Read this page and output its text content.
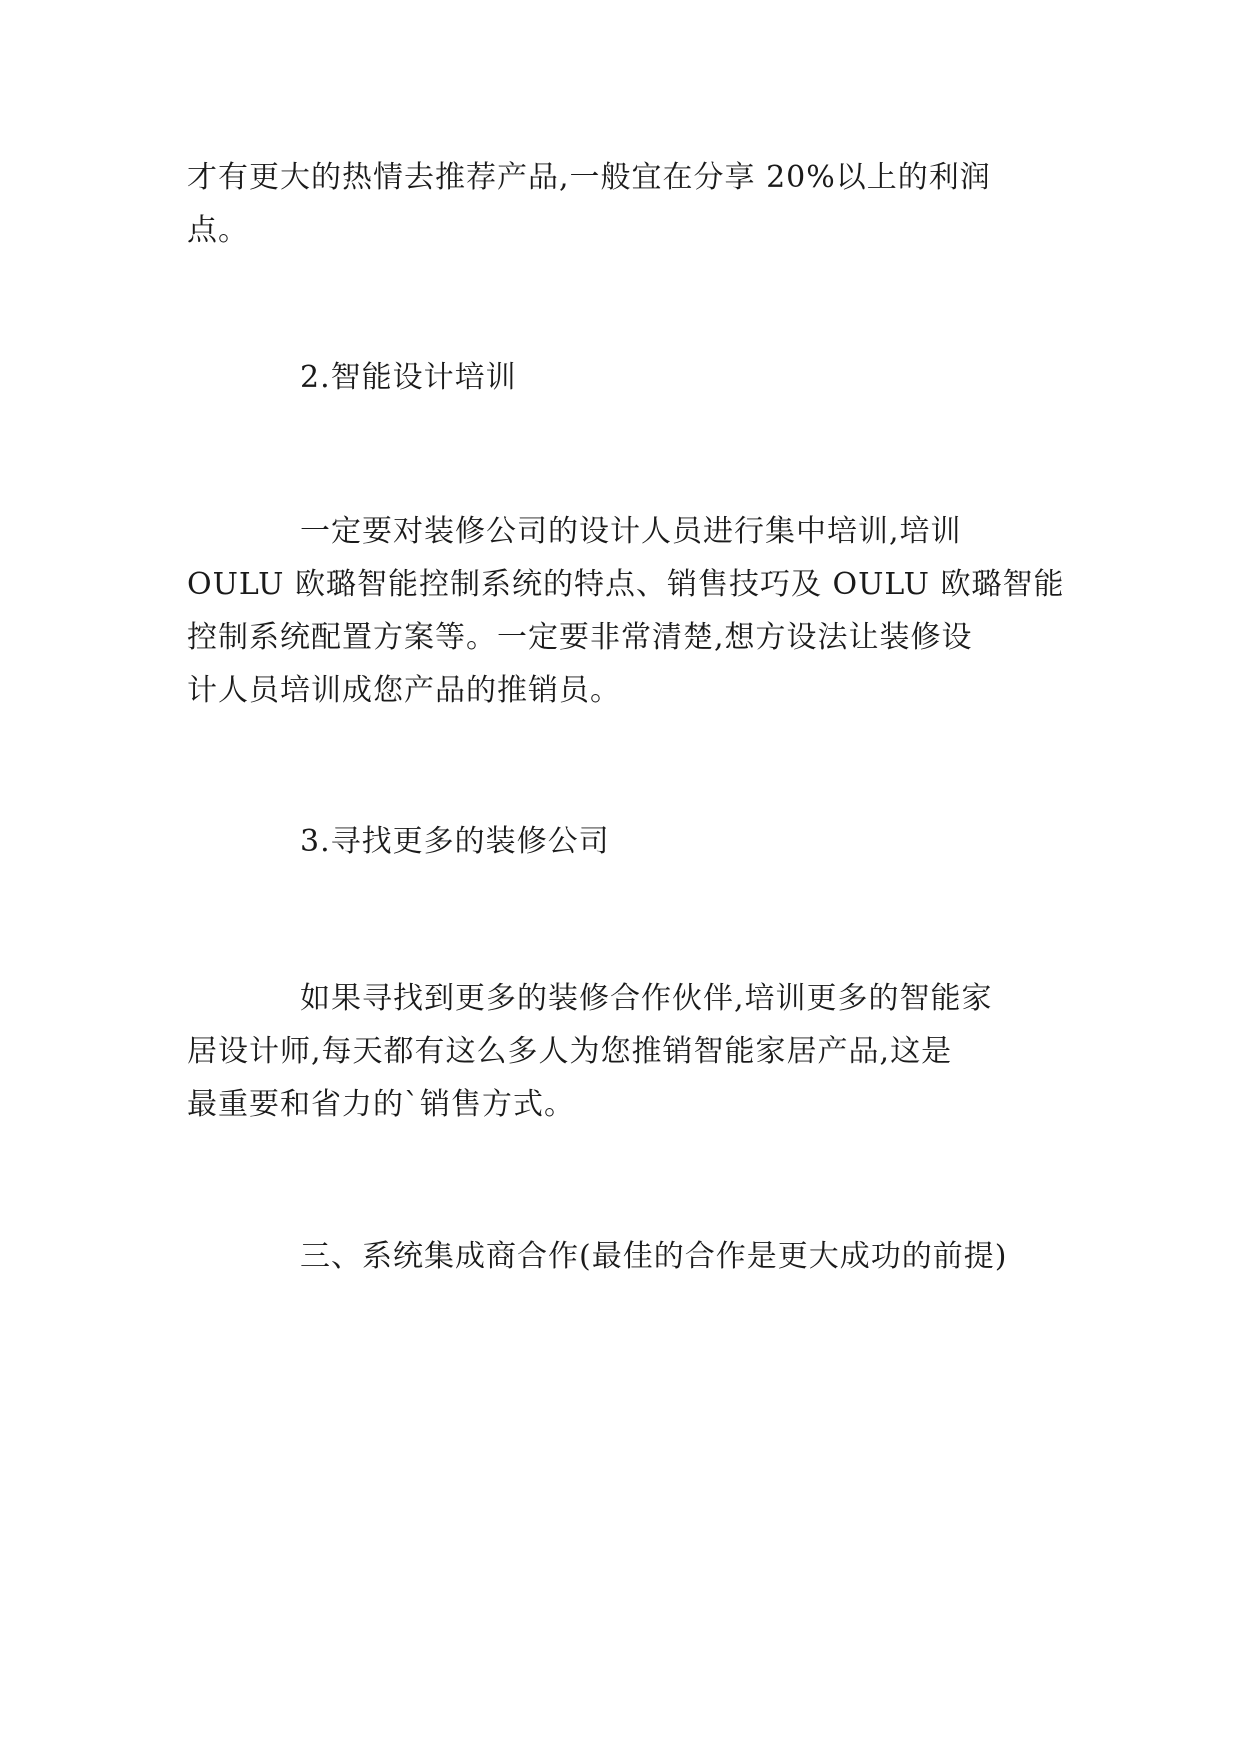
才有更大的热情去推荐产品,一般宜在分享 20%以上的利润
点。

2.智能设计培训

一定要对装修公司的设计人员进行集中培训,培训
OULU 欧璐智能控制系统的特点、销售技巧及 OULU 欧璐智能
控制系统配置方案等。一定要非常清楚,想方设法让装修设
计人员培训成您产品的推销员。

3.寻找更多的装修公司

如果寻找到更多的装修合作伙伴,培训更多的智能家
居设计师,每天都有这么多人为您推销智能家居产品,这是
最重要和省力的`销售方式。

三、系统集成商合作(最佳的合作是更大成功的前提)
